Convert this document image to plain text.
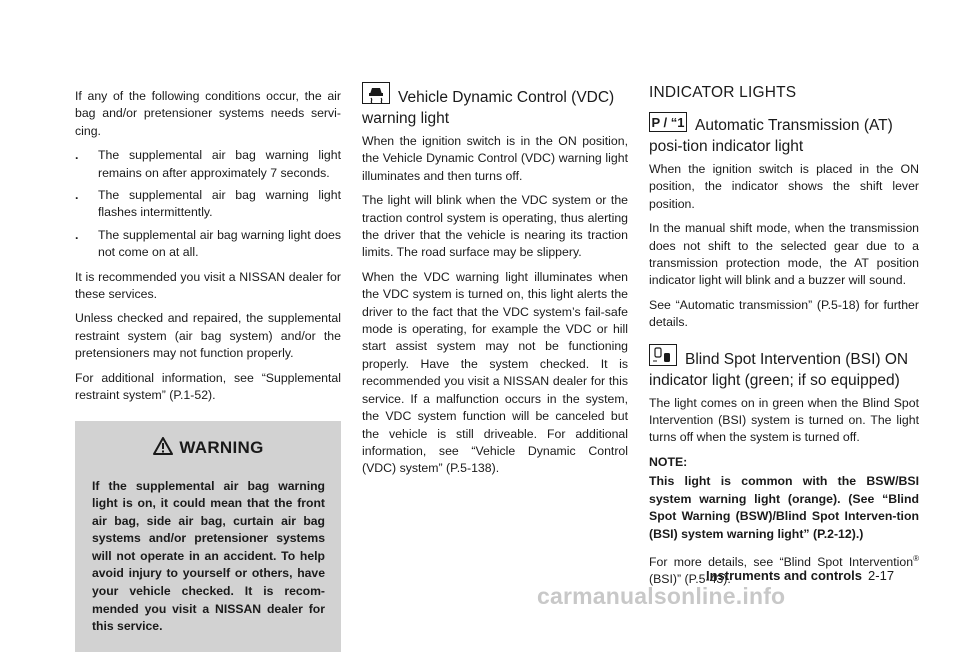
If any of the following conditions occur, the air bag and/or pretensioner systems needs servi-cing.

. The supplemental air bag warning light remains on after approximately 7 seconds.
. The supplemental air bag warning light flashes intermittently.
. The supplemental air bag warning light does not come on at all.

It is recommended you visit a NISSAN dealer for these services.

Unless checked and repaired, the supplemental restraint system (air bag system) and/or the pretensioners may not function properly.

For additional information, see “Supplemental restraint system” (P.1-52).

WARNING
If the supplemental air bag warning light is on, it could mean that the front air bag, side air bag, curtain air bag systems and/or pretensioner systems will not operate in an accident. To help avoid injury to yourself or others, have your vehicle checked. It is recom-mended you visit a NISSAN dealer for this service.
Vehicle Dynamic Control (VDC) warning light

When the ignition switch is in the ON position, the Vehicle Dynamic Control (VDC) warning light illuminates and then turns off.

The light will blink when the VDC system or the traction control system is operating, thus alerting the driver that the vehicle is nearing its traction limits. The road surface may be slippery.

When the VDC warning light illuminates when the VDC system is turned on, this light alerts the driver to the fact that the VDC system’s fail-safe mode is operating, for example the VDC or hill start assist system may not be functioning properly. Have the system checked. It is recommended you visit a NISSAN dealer for this service. If a malfunction occurs in the system, the VDC system function will be canceled but the vehicle is still driveable. For additional information, see “Vehicle Dynamic Control (VDC) system” (P.5-138).

INDICATOR LIGHTS
P / “1 Automatic Transmission (AT) posi-tion indicator light

When the ignition switch is placed in the ON position, the indicator shows the shift lever position.

In the manual shift mode, when the transmission does not shift to the selected gear due to a transmission protection mode, the AT position indicator light will blink and a buzzer will sound.

See “Automatic transmission” (P.5-18) for further details.

Blind Spot Intervention (BSI) ON indicator light (green; if so equipped)

The light comes on in green when the Blind Spot Intervention (BSI) system is turned on. The light turns off when the system is turned off.

NOTE:

This light is common with the BSW/BSI system warning light (orange). (See “Blind Spot Warning (BSW)/Blind Spot Interven-tion (BSI) system warning light” (P.2-12).)

For more details, see “Blind Spot Intervention® (BSI)” (P.5-43).

Instruments and controls 2-17
carmanualsonline.info
